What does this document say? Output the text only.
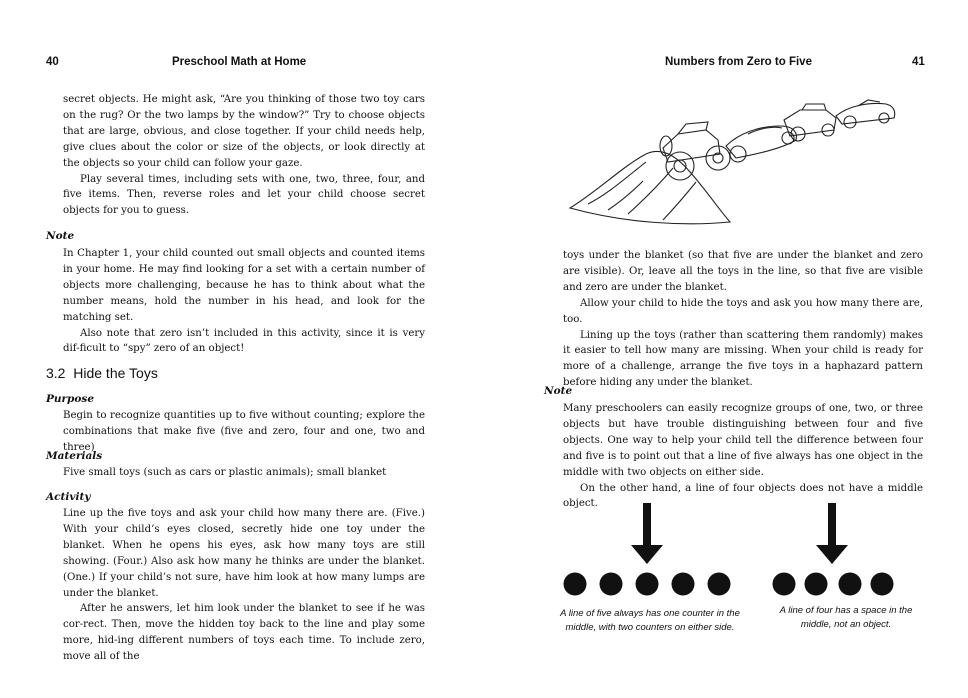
40	Preschool Math at Home

secret objects. He might ask, “Are you thinking of those two toy cars on the rug? Or the two lamps by the window?” Try to choose objects that are large, obvious, and close together. If your child needs help, give clues about the color or size of the objects, or look directly at the objects so your child can follow your gaze.

Play several times, including sets with one, two, three, four, and five items. Then, reverse roles and let your child choose secret objects for you to guess.

Note

In Chapter 1, your child counted out small objects and counted items in your home. He may find looking for a set with a certain number of objects more challenging, because he has to think about what the number means, hold the number in his head, and look for the matching set.

Also note that zero isn’t included in this activity, since it is very dif-ficult to “spy” zero of an object!

3.2 Hide the Toys
Purpose
Begin to recognize quantities up to five without counting; explore the combinations that make five (five and zero, four and one, two and three)
Materials
Five small toys (such as cars or plastic animals); small blanket
Activity

Line up the five toys and ask your child how many there are. (Five.) With your child’s eyes closed, secretly hide one toy under the blanket. When he opens his eyes, ask how many toys are still showing. (Four.) Also ask how many he thinks are under the blanket. (One.) If your child’s not sure, have him look at how many lumps are under the blanket.

After he answers, let him look under the blanket to see if he was cor-rect. Then, move the hidden toy back to the line and play some more, hid-ing different numbers of toys each time. To include zero, move all of the

Numbers from Zero to Five	41

toys under the blanket (so that five are under the blanket and zero are visible). Or, leave all the toys in the line, so that five are visible and zero are under the blanket.

Allow your child to hide the toys and ask you how many there are, too.

Lining up the toys (rather than scattering them randomly) makes it easier to tell how many are missing. When your child is ready for more of a challenge, arrange the five toys in a haphazard pattern before hiding any under the blanket.

Note

Many preschoolers can easily recognize groups of one, two, or three objects but have trouble distinguishing between four and five objects. One way to help your child tell the difference between four and five is to point out that a line of five always has one object in the middle with two objects on either side.

On the other hand, a line of four objects does not have a middle object.

A line of five always has one counter in the middle, with two counters on either side.
A line of four has a space in the middle, not an object.
